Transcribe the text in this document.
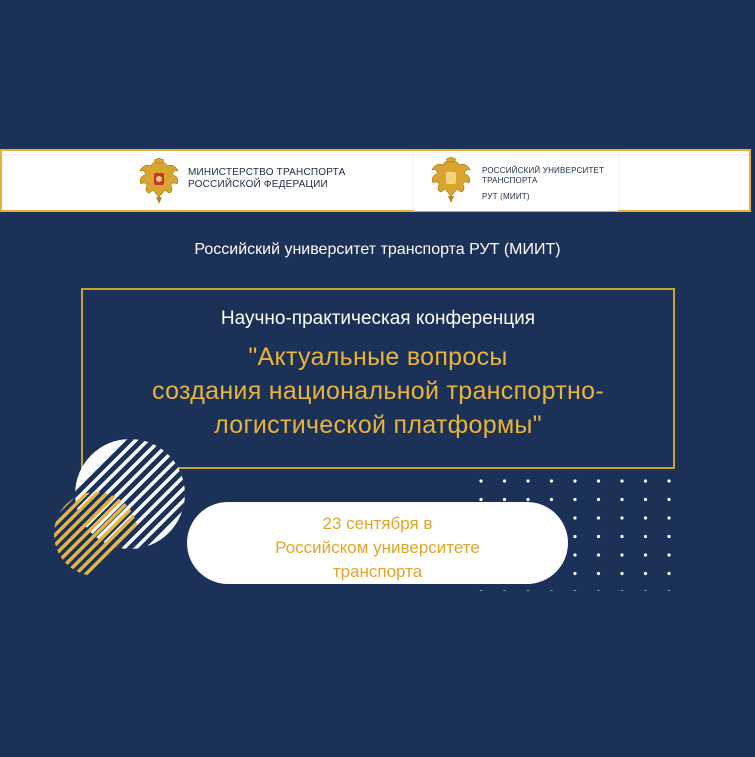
МИНИСТЕРСТВО ТРАНСПОРТА
РОССИЙСКОЙ ФЕДЕРАЦИИ
РОССИЙСКИЙ УНИВЕРСИТЕТ
ТРАНСПОРТА
РУТ (МИИТ)
Российский университет транспорта РУТ (МИИТ)
Научно-практическая конференция
"Актуальные вопросы
создания национальной транспортно-
логистической платформы"
23 сентября в
Российском университете
транспорта
